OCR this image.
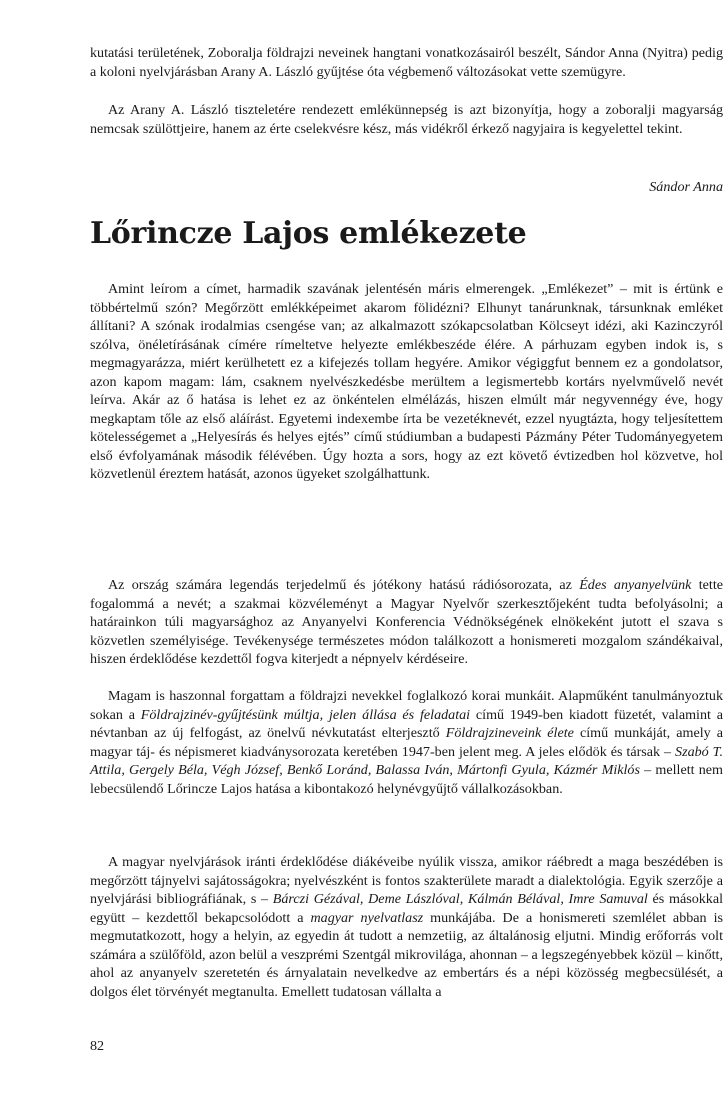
kutatási területének, Zoboralja földrajzi neveinek hangtani vonatkozásairól beszélt, Sándor Anna (Nyitra) pedig a koloni nyelvjárásban Arany A. László gyűjtése óta végbemenő változásokat vette szemügyre.

Az Arany A. László tiszteletére rendezett emlékünnepség is azt bizonyítja, hogy a zoboralji magyarság nemcsak szülöttjeire, hanem az érte cselekvésre kész, más vidékről érkező nagyjaira is kegyelettel tekint.

Sándor Anna

Lőrincze Lajos emlékezete

Amint leírom a címet, harmadik szavának jelentésén máris elmerengek. „Emlékezet” – mit is értünk e többértelmű szón? Megőrzött emlékképeimet akarom fölidézni? Elhunyt tanárunknak, társunknak emléket állítani? A szónak irodalmias csengése van; az alkalmazott szókapcsolatban Kölcseyt idézi, aki Kazinczyról szólva, önéletírásának címére rímeltetve helyezte emlékbeszéde élére. A párhuzam egyben indok is, s megmagyarázza, miért kerülhetett ez a kifejezés tollam hegyére. Amikor végiggfut bennem ez a gondolatsor, azon kapom magam: lám, csaknem nyelvészkedésbe merültem a legismertebb kortárs nyelvművelő nevét leírva. Akár az ő hatása is lehet ez az önkéntelen elmélázás, hiszen elmúlt már negyvennégy éve, hogy megkaptam tőle az első aláírást. Egyetemi indexembe írta be vezetéknevét, ezzel nyugtázta, hogy teljesítettem kötelességemet a „Helyesírás és helyes ejtés” című stúdiumban a budapesti Pázmány Péter Tudományegyetem első évfolyamának második félévében. Úgy hozta a sors, hogy az ezt követő évtizedben hol közvetve, hol közvetlenül éreztem hatását, azonos ügyeket szolgálhattunk.

Az ország számára legendás terjedelmű és jótékony hatású rádiósorozata, az Édes anyanyelvünk tette fogalommá a nevét; a szakmai közvéleményt a Magyar Nyelvőr szerkesztőjeként tudta befolyásolni; a határainkon túli magyarsághoz az Anyanyelvi Konferencia Védnökségének elnökeként jutott el szava s közvetlen személyisége. Tevékenysége természetes módon találkozott a honismereti mozgalom szándékaival, hiszen érdeklődése kezdettől fogva kiterjedt a népnyelv kérdéseire.

Magam is haszonnal forgattam a földrajzi nevekkel foglalkozó korai munkáit. Alapműként tanulmányoztuk sokan a Földrajzinév-gyűjtésünk múltja, jelen állása és feladatai című 1949-ben kiadott füzetét, valamint a névtanban az új felfogást, az önelvű névkutatást elterjesztő Földrajzineveink élete című munkáját, amely a magyar táj- és népismeret kiadványsorozata keretében 1947-ben jelent meg. A jeles elődök és társak – Szabó T. Attila, Gergely Béla, Végh József, Benkő Loránd, Balassa Iván, Mártonfi Gyula, Kázmér Miklós – mellett nem lebecsülendő Lőrincze Lajos hatása a kibontakozó helynévgyűjtő vállalkozásokban.

A magyar nyelvjárások iránti érdeklődése diákéveibe nyúlik vissza, amikor ráébredt a maga beszédében is megőrzött tájnyelvi sajátosságokra; nyelvészként is fontos szakterülete maradt a dialektológia. Egyik szerzője a nyelvjárási bibliográfiának, s – Bárczi Gézával, Deme Lászlóval, Kálmán Bélával, Imre Samuval és másokkal együtt – kezdettől bekapcsolódott a magyar nyelvatlasz munkájába. De a honismereti szemlélet abban is megmutatkozott, hogy a helyin, az egyedin át tudott a nemzetiig, az általánosig eljutni. Mindig erőforrás volt számára a szülőföld, azon belül a veszprémi Szentgál mikrovilága, ahonnan – a legszegényebbek közül – kinőtt, ahol az anyanyelv szeretetén és árnyalatain nevelkedve az embertárs és a népi közösség megbecsülését, a dolgos élet törvényét megtanulta. Emellett tudatosan vállalta a

82
